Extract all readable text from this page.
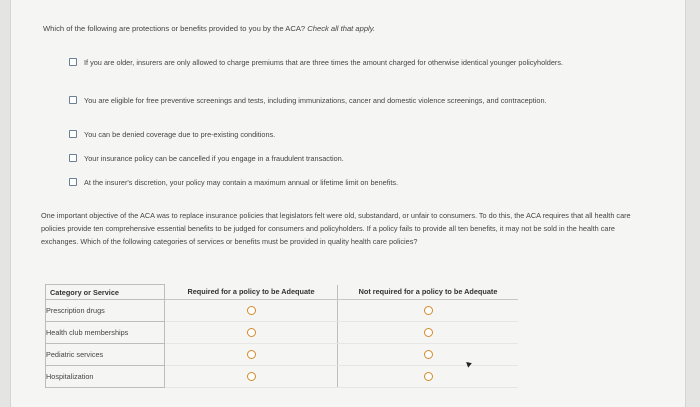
Which of the following are protections or benefits provided to you by the ACA? Check all that apply.
If you are older, insurers are only allowed to charge premiums that are three times the amount charged for otherwise identical younger policyholders.
You are eligible for free preventive screenings and tests, including immunizations, cancer and domestic violence screenings, and contraception.
You can be denied coverage due to pre-existing conditions.
Your insurance policy can be cancelled if you engage in a fraudulent transaction.
At the insurer's discretion, your policy may contain a maximum annual or lifetime limit on benefits.
One important objective of the ACA was to replace insurance policies that legislators felt were old, substandard, or unfair to consumers. To do this, the ACA requires that all health care policies provide ten comprehensive essential benefits to be judged for consumers and policyholders. If a policy fails to provide all ten benefits, it may not be sold in the health care exchanges. Which of the following categories of services or benefits must be provided in quality health care policies?
Category or Service	Required for a policy to be Adequate	Not required for a policy to be Adequate
Prescription drugs		
Health club memberships		
Pediatric services		
Hospitalization		
